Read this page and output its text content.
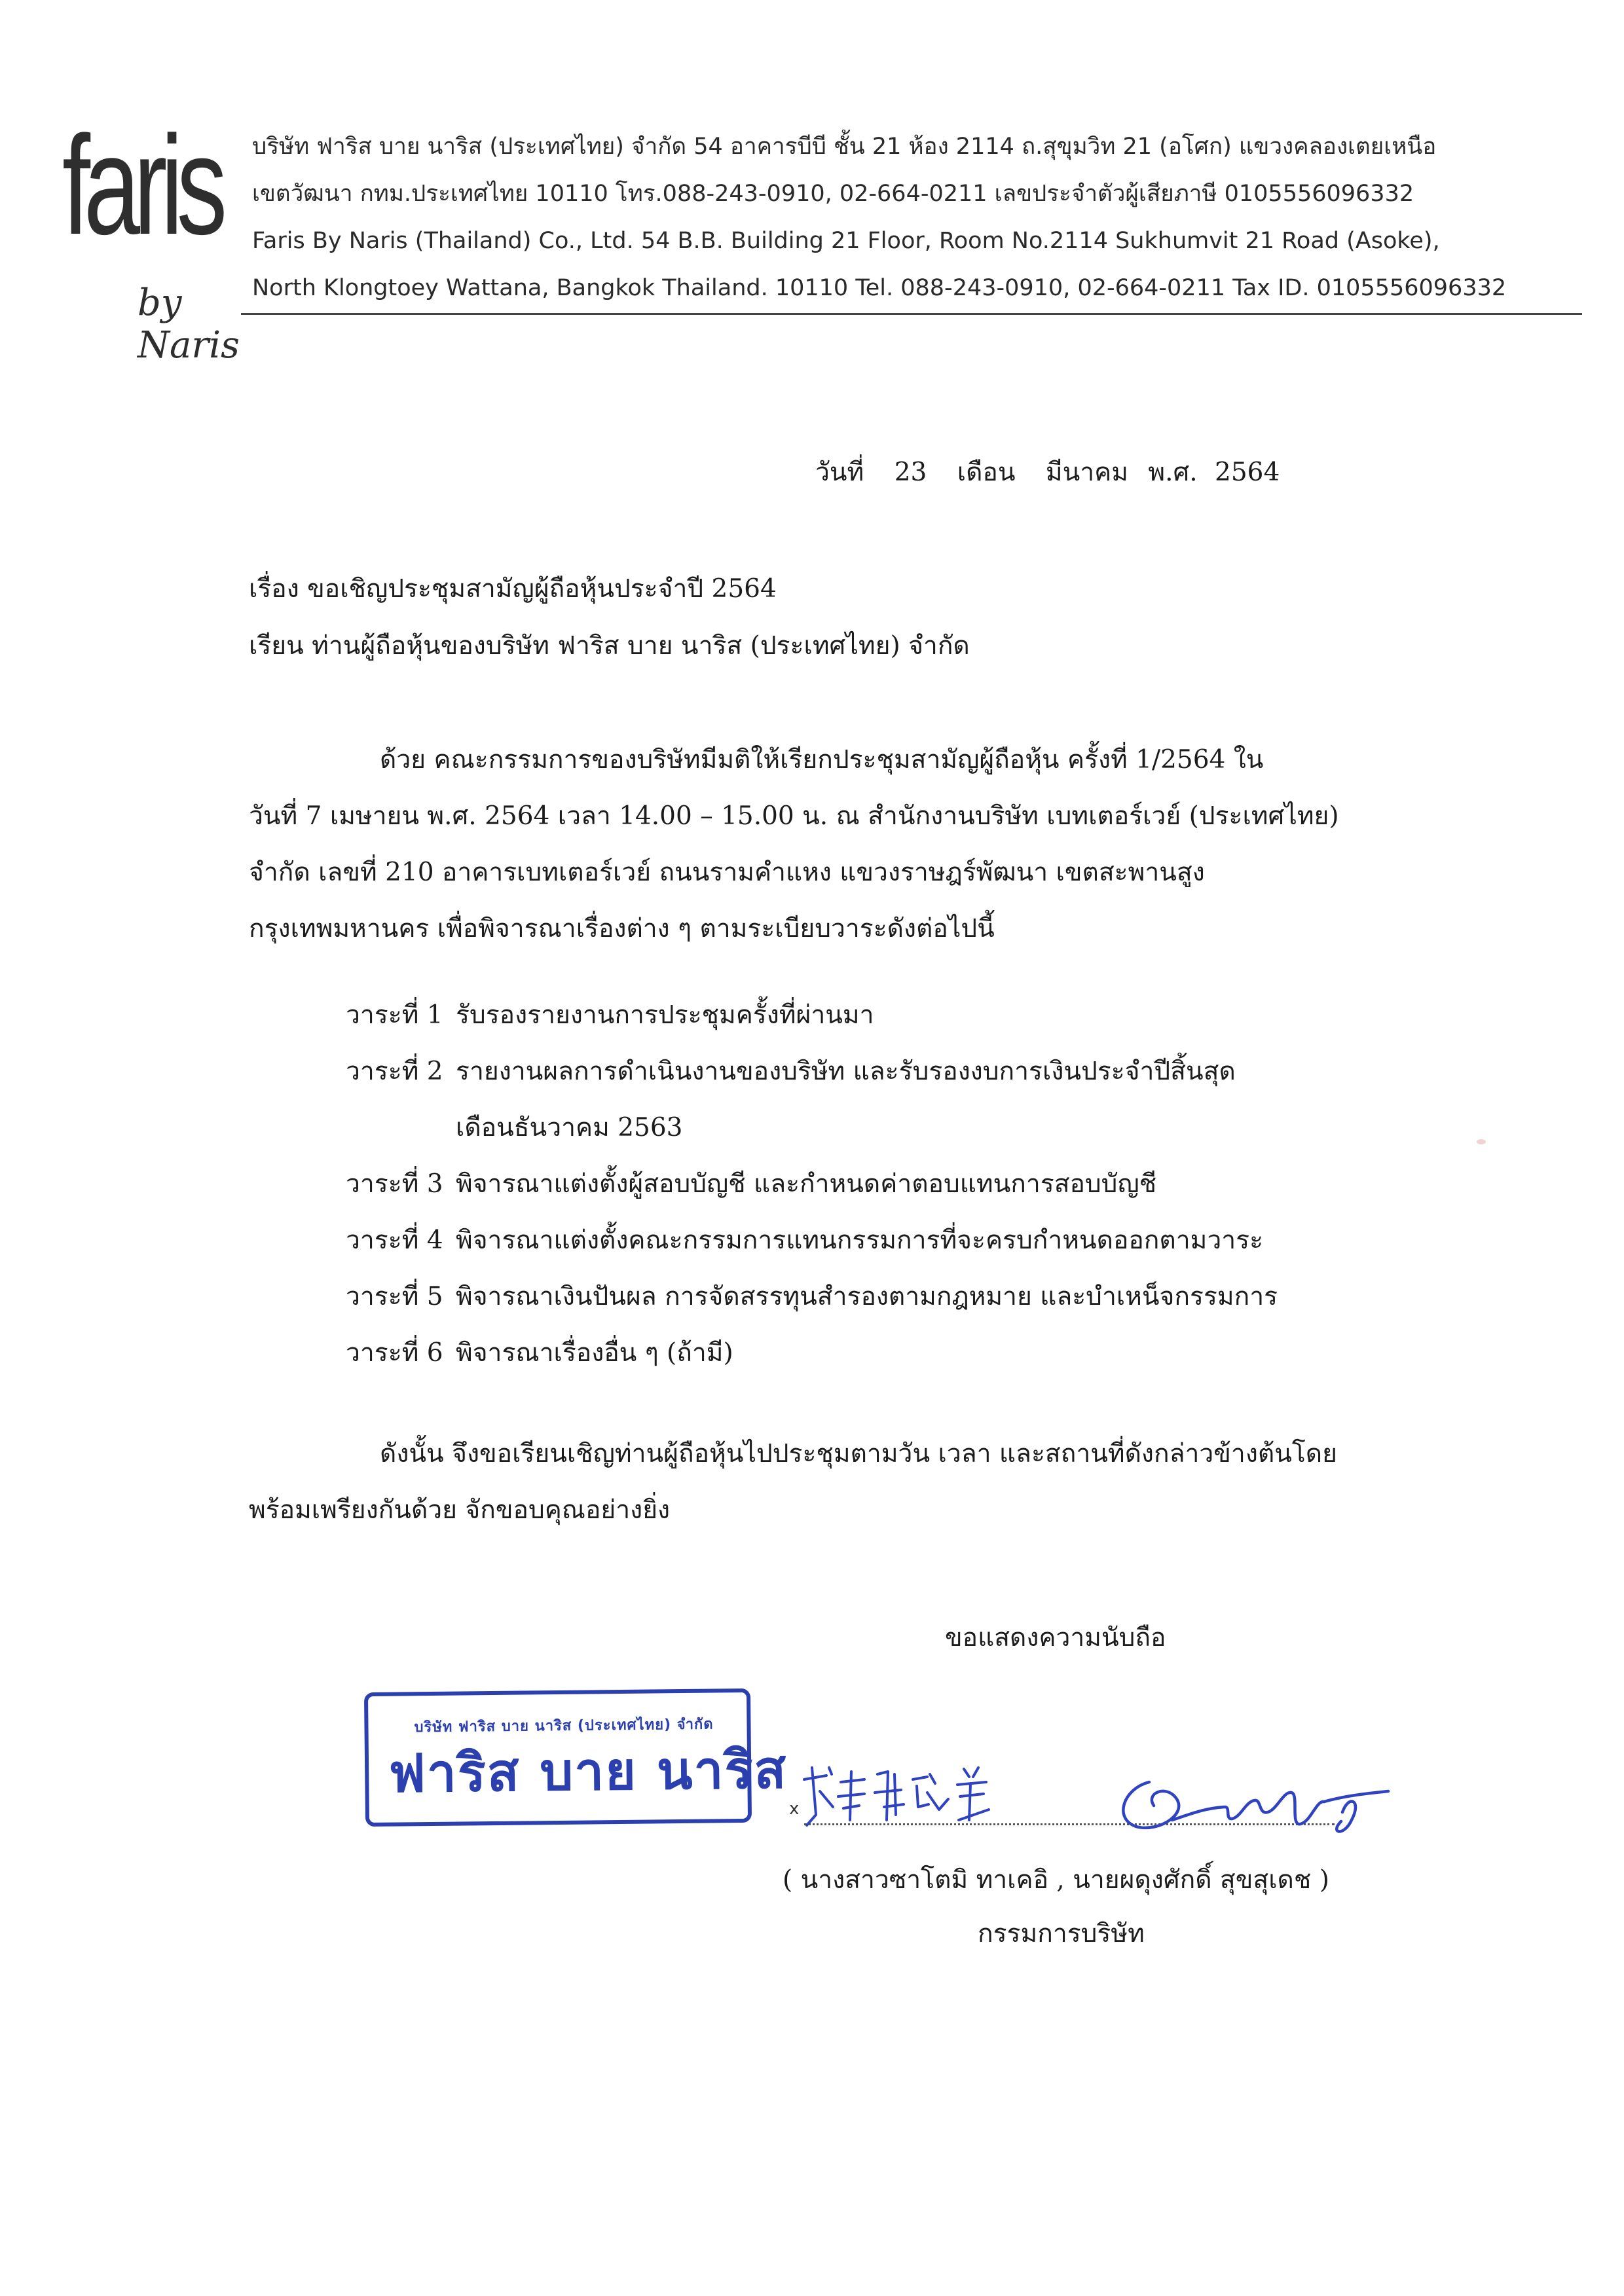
faris
by Naris
บริษัท ฟาริส บาย นาริส (ประเทศไทย) จำกัด 54 อาคารบีบี ชั้น 21 ห้อง 2114 ถ.สุขุมวิท 21 (อโศก) แขวงคลองเตยเหนือ
เขตวัฒนา กทม.ประเทศไทย 10110 โทร.088-243-0910, 02-664-0211 เลขประจำตัวผู้เสียภาษี 0105556096332
Faris By Naris (Thailand) Co., Ltd. 54 B.B. Building 21 Floor, Room No.2114 Sukhumvit 21 Road (Asoke),
North Klongtoey Wattana, Bangkok Thailand. 10110 Tel. 088-243-0910, 02-664-0211 Tax ID. 0105556096332
วันที่ 23 เดือน มีนาคม พ.ศ. 2564
เรื่อง ขอเชิญประชุมสามัญผู้ถือหุ้นประจำปี 2564
เรียน ท่านผู้ถือหุ้นของบริษัท ฟาริส บาย นาริส (ประเทศไทย) จำกัด
ด้วย คณะกรรมการของบริษัทมีมติให้เรียกประชุมสามัญผู้ถือหุ้น ครั้งที่ 1/2564 ใน
วันที่ 7 เมษายน พ.ศ. 2564 เวลา 14.00 – 15.00 น. ณ สำนักงานบริษัท เบทเตอร์เวย์ (ประเทศไทย)
จำกัด เลขที่ 210 อาคารเบทเตอร์เวย์ ถนนรามคำแหง แขวงราษฎร์พัฒนา เขตสะพานสูง
กรุงเทพมหานคร เพื่อพิจารณาเรื่องต่าง ๆ ตามระเบียบวาระดังต่อไปนี้
วาระที่ 1 รับรองรายงานการประชุมครั้งที่ผ่านมา
วาระที่ 2 รายงานผลการดำเนินงานของบริษัท และรับรองงบการเงินประจำปีสิ้นสุด
เดือนธันวาคม 2563
วาระที่ 3 พิจารณาแต่งตั้งผู้สอบบัญชี และกำหนดค่าตอบแทนการสอบบัญชี
วาระที่ 4 พิจารณาแต่งตั้งคณะกรรมการแทนกรรมการที่จะครบกำหนดออกตามวาระ
วาระที่ 5 พิจารณาเงินปันผล การจัดสรรทุนสำรองตามกฎหมาย และบำเหน็จกรรมการ
วาระที่ 6 พิจารณาเรื่องอื่น ๆ (ถ้ามี)
ดังนั้น จึงขอเรียนเชิญท่านผู้ถือหุ้นไปประชุมตามวัน เวลา และสถานที่ดังกล่าวข้างต้นโดย
พร้อมเพรียงกันด้วย จักขอบคุณอย่างยิ่ง
ขอแสดงความนับถือ
บริษัท ฟาริส บาย นาริส (ประเทศไทย) จำกัด
ฟาริส บาย นาริส
x
( นางสาวซาโตมิ ทาเคอิ , นายผดุงศักดิ์ สุขสุเดช )
กรรมการบริษัท
